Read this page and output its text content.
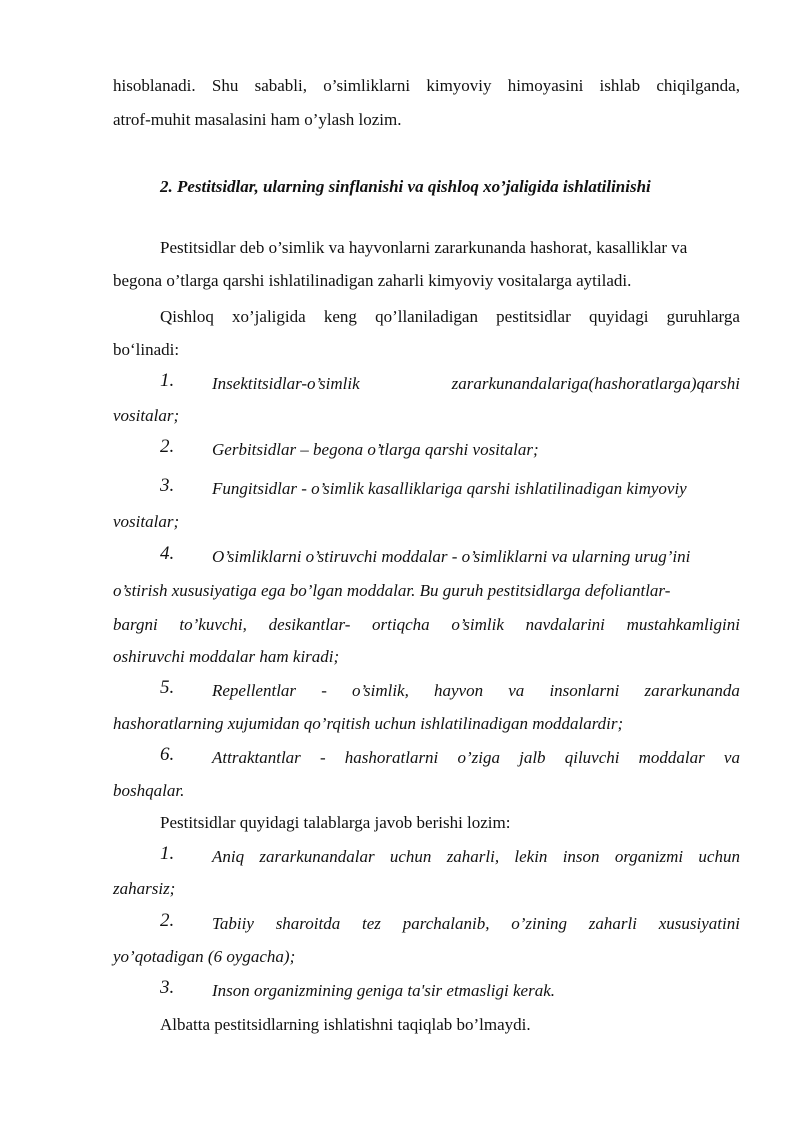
hisoblanadi. Shu sababli, o’simliklarni kimyoviy himoyasini ishlab chiqilganda,
atrof-muhit masalasini ham o’ylash lozim.
2. Pestitsidlar, ularning sinflanishi va qishloq xo’jaligida ishlatilinishi
Pestitsidlar deb o’simlik va hayvonlarni zararkunanda hashorat, kasalliklar va
begona o’tlarga qarshi ishlatilinadigan zaharli kimyoviy vositalarga aytiladi.
Qishloq xo’jaligida keng qo’llaniladigan pestitsidlar quyidagi guruhlarga
bo‘linadi:
1. Insektitsidlar-o’simlik	zararkunandalariga(hashoratlarga)qarshi
vositalar;
2. Gerbitsidlar – begona o’tlarga qarshi vositalar;
3. Fungitsidlar - o’simlik kasalliklariga qarshi ishlatilinadigan kimyoviy
vositalar;
4. O’simliklarni o’stiruvchi moddalar - o’simliklarni va ularning urug’ini
o’stirish xususiyatiga ega bo’lgan moddalar. Bu guruh pestitsidlarga defoliantlar-
bargni to’kuvchi, desikantlar- ortiqcha o’simlik navdalarini mustahkamligini
oshiruvchi moddalar ham kiradi;
5. Repellentlar - o’simlik, hayvon va insonlarni zararkunanda
hashoratlarning xujumidan qo’rqitish uchun ishlatilinadigan moddalardir;
6. Attraktantlar - hashoratlarni o’ziga jalb qiluvchi moddalar va
boshqalar.
Pestitsidlar quyidagi talablarga javob berishi lozim:
1. Aniq zararkunandalar uchun zaharli, lekin inson organizmi uchun
zaharsiz;
2. Tabiiy sharoitda tez parchalanib, o’zining zaharli xususiyatini
yo’qotadigan (6 oygacha);
3. Inson organizmining geniga ta'sir etmasligi kerak.
Albatta pestitsidlarning ishlatishni taqiqlab bo’lmaydi.
